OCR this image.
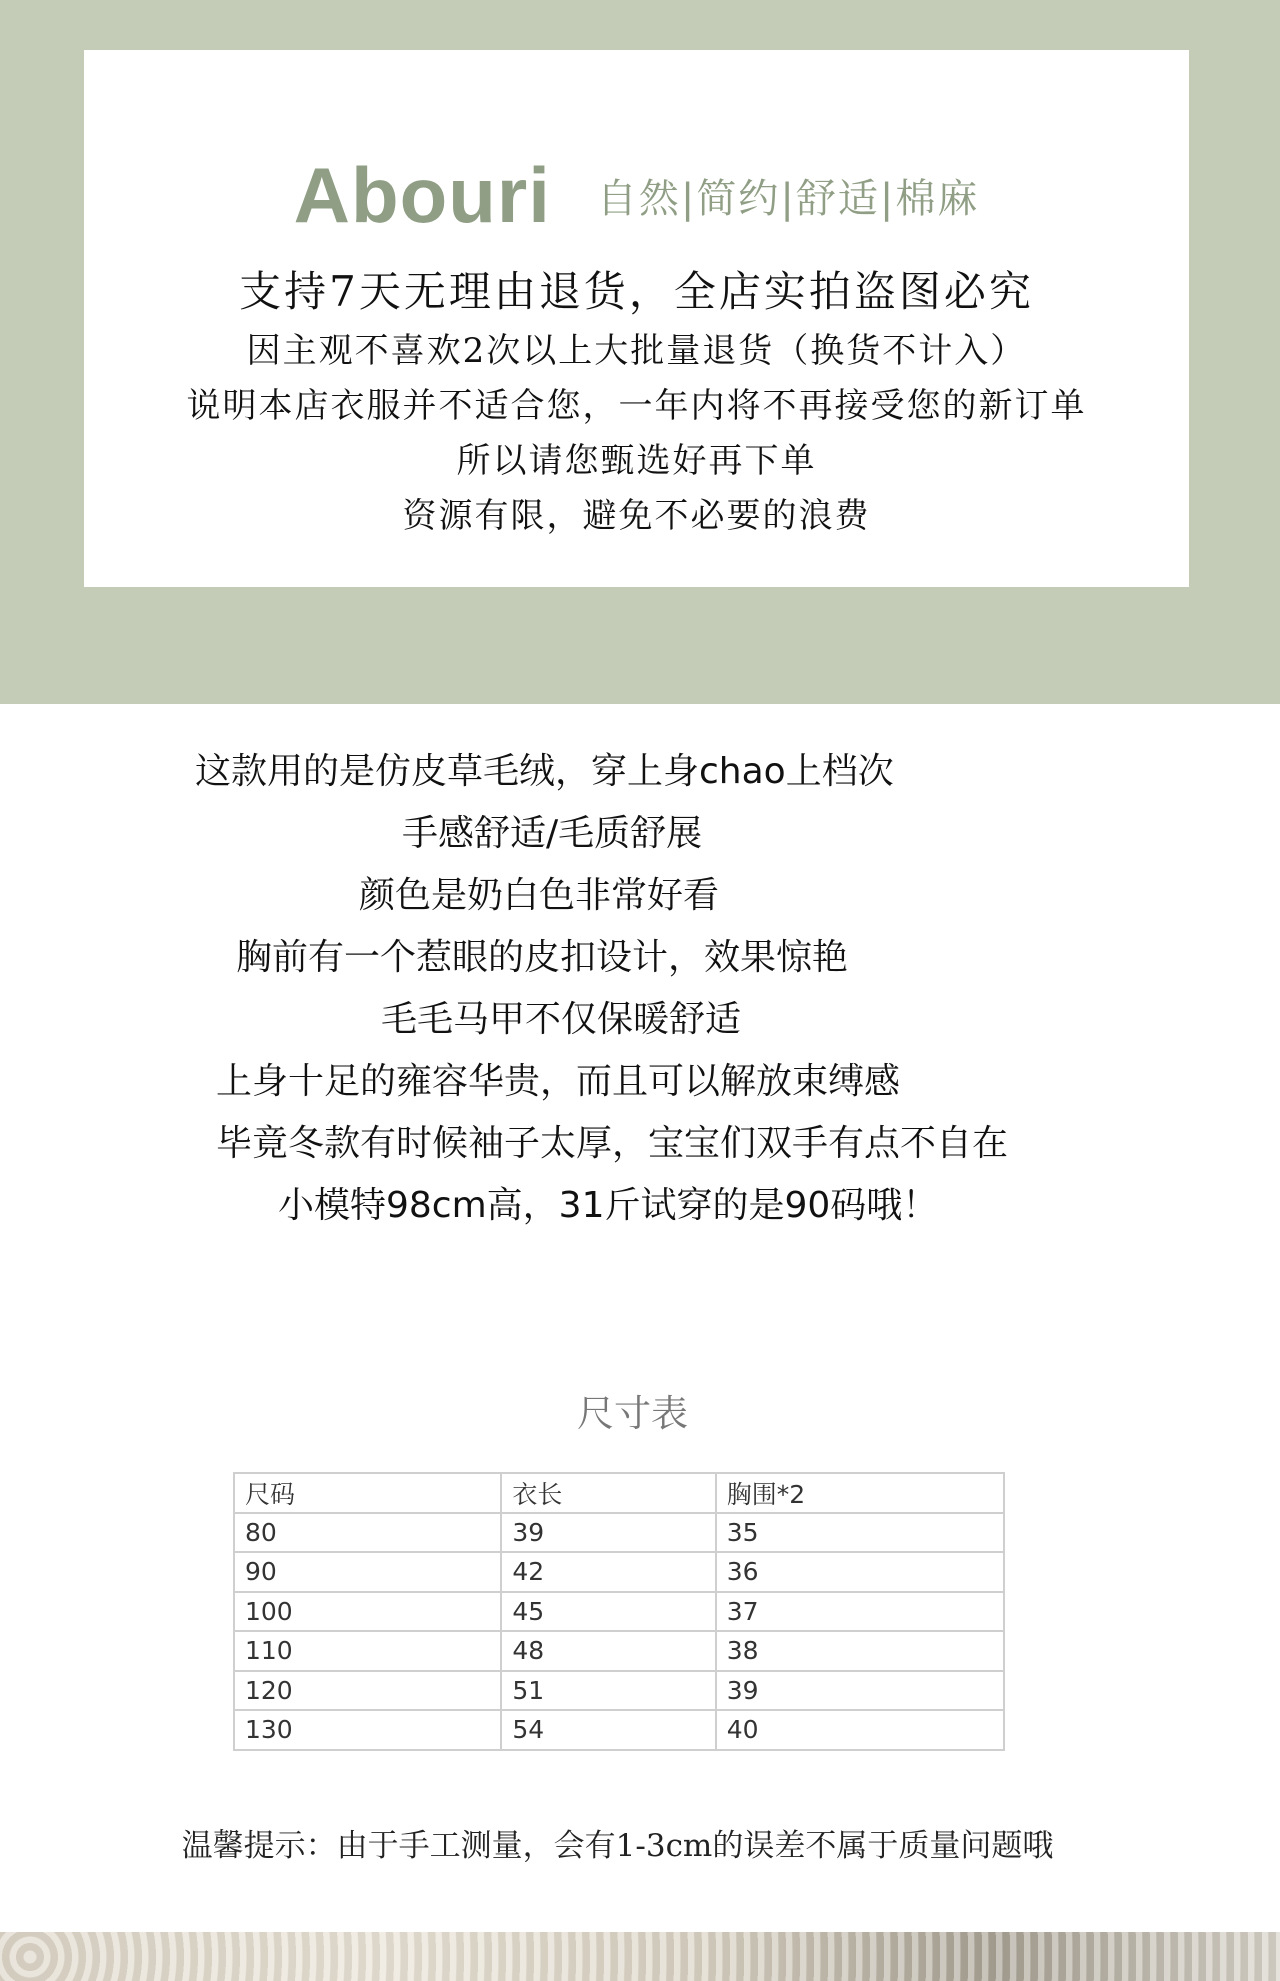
Abouri 自然|简约|舒适|棉麻
支持7天无理由退货，全店实拍盗图必究
因主观不喜欢2次以上大批量退货（换货不计入）
说明本店衣服并不适合您，一年内将不再接受您的新订单
所以请您甄选好再下单
资源有限，避免不必要的浪费
这款用的是仿皮草毛绒，穿上身chao上档次
手感舒适/毛质舒展
颜色是奶白色非常好看
胸前有一个惹眼的皮扣设计，效果惊艳
毛毛马甲不仅保暖舒适
上身十足的雍容华贵，而且可以解放束缚感
毕竟冬款有时候袖子太厚，宝宝们双手有点不自在
小模特98cm高，31斤试穿的是90码哦！
尺寸表
尺码	衣长	胸围*2
80	39	35
90	42	36
100	45	37
110	48	38
120	51	39
130	54	40
温馨提示：由于手工测量，会有1-3cm的误差不属于质量问题哦
